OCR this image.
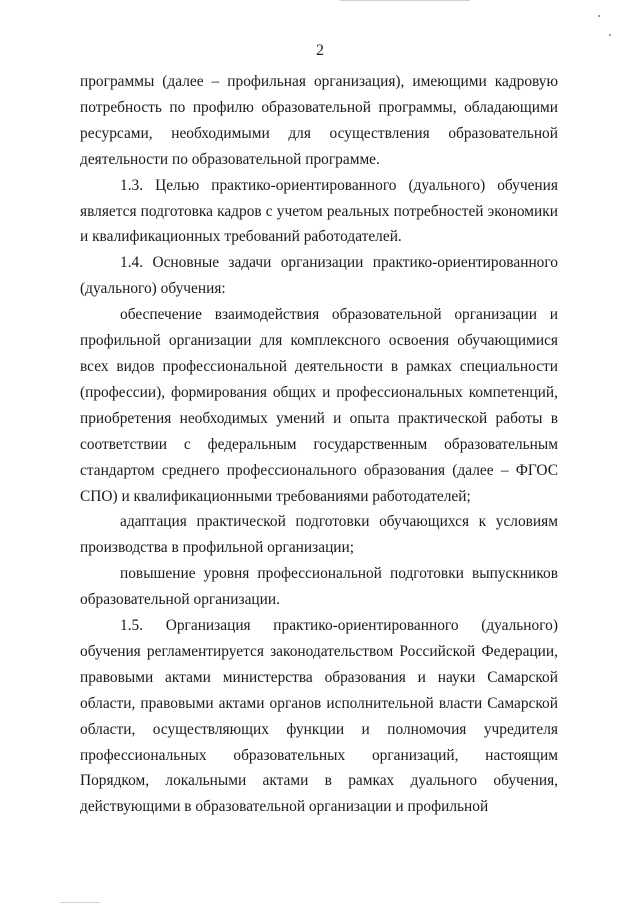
2

программы (далее – профильная организация), имеющими кадровую потребность по профилю образовательной программы, обладающими ресурсами, необходимыми для осуществления образовательной деятельности по образовательной программе.

1.3. Целью практико-ориентированного (дуального) обучения является подготовка кадров с учетом реальных потребностей экономики и квалификационных требований работодателей.

1.4. Основные задачи организации практико-ориентированного (дуального) обучения:

обеспечение взаимодействия образовательной организации и профильной организации для комплексного освоения обучающимися всех видов профессиональной деятельности в рамках специальности (профессии), формирования общих и профессиональных компетенций, приобретения необходимых умений и опыта практической работы в соответствии с федеральным государственным образовательным стандартом среднего профессионального образования (далее – ФГОС СПО) и квалификационными требованиями работодателей;

адаптация практической подготовки обучающихся к условиям производства в профильной организации;

повышение уровня профессиональной подготовки выпускников образовательной организации.

1.5. Организация практико-ориентированного (дуального) обучения регламентируется законодательством Российской Федерации, правовыми актами министерства образования и науки Самарской области, правовыми актами органов исполнительной власти Самарской области, осуществляющих функции и полномочия учредителя профессиональных образовательных организаций, настоящим Порядком, локальными актами в рамках дуального обучения, действующими в образовательной организации и профильной
